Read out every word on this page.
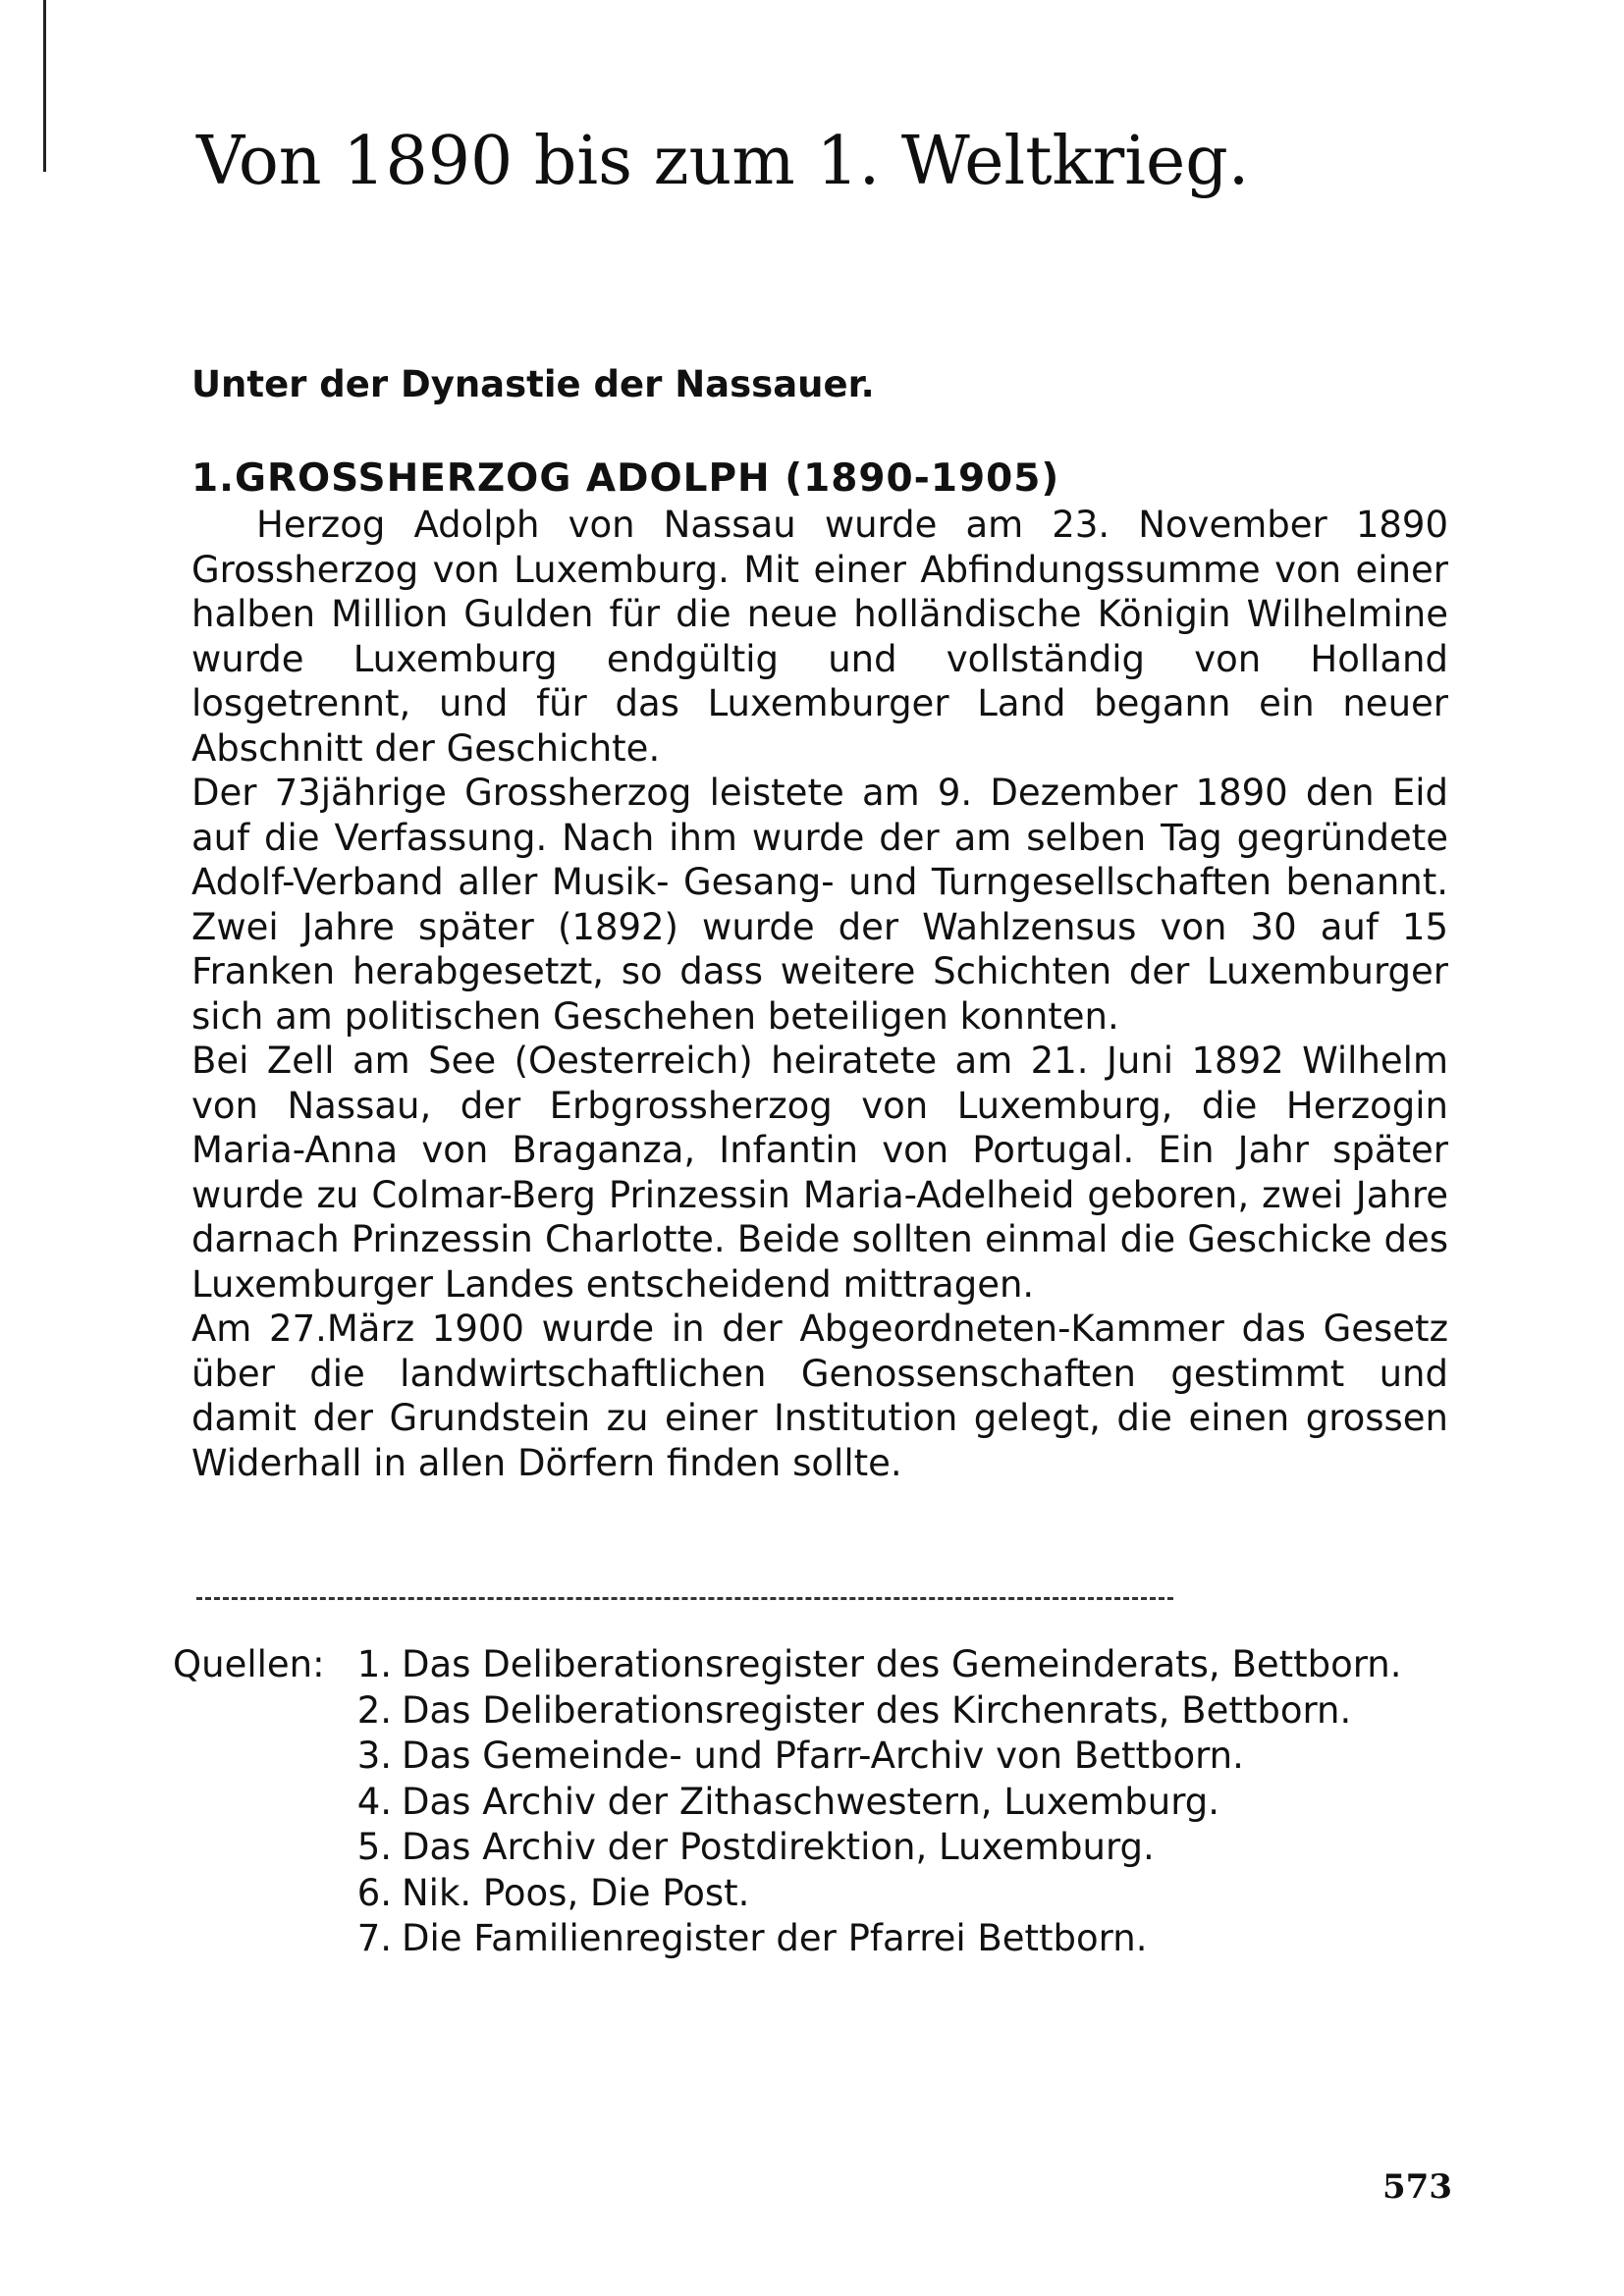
Von 1890 bis zum 1. Weltkrieg.
Unter der Dynastie der Nassauer.
1.GROSSHERZOG ADOLPH (1890-1905)

Herzog Adolph von Nassau wurde am 23. November 1890 Grossherzog von Luxemburg. Mit einer Abfindungssumme von einer halben Million Gulden für die neue holländische Königin Wilhelmine wurde Luxemburg endgültig und vollständig von Holland losgetrennt, und für das Luxemburger Land begann ein neuer Abschnitt der Geschichte.

Der 73jährige Grossherzog leistete am 9. Dezember 1890 den Eid auf die Verfassung. Nach ihm wurde der am selben Tag gegründete Adolf-Verband aller Musik- Gesang- und Turngesellschaften benannt. Zwei Jahre später (1892) wurde der Wahlzensus von 30 auf 15 Franken herabgesetzt, so dass weitere Schichten der Luxemburger sich am politischen Geschehen beteiligen konnten.

Bei Zell am See (Oesterreich) heiratete am 21. Juni 1892 Wilhelm von Nassau, der Erbgrossherzog von Luxemburg, die Herzogin Maria-Anna von Braganza, Infantin von Portugal. Ein Jahr später wurde zu Colmar-Berg Prinzessin Maria-Adelheid geboren, zwei Jahre darnach Prinzessin Charlotte. Beide sollten einmal die Geschicke des Luxemburger Landes entscheidend mittragen.

Am 27.März 1900 wurde in der Abgeordneten-Kammer das Gesetz über die landwirtschaftlichen Genossenschaften gestimmt und damit der Grundstein zu einer Institution gelegt, die einen grossen Widerhall in allen Dörfern finden sollte.

Quellen: 1. Das Deliberationsregister des Gemeinderats, Bettborn.
2. Das Deliberationsregister des Kirchenrats, Bettborn.
3. Das Gemeinde- und Pfarr-Archiv von Bettborn.
4. Das Archiv der Zithaschwestern, Luxemburg.
5. Das Archiv der Postdirektion, Luxemburg.
6. Nik. Poos, Die Post.
7. Die Familienregister der Pfarrei Bettborn.
573
